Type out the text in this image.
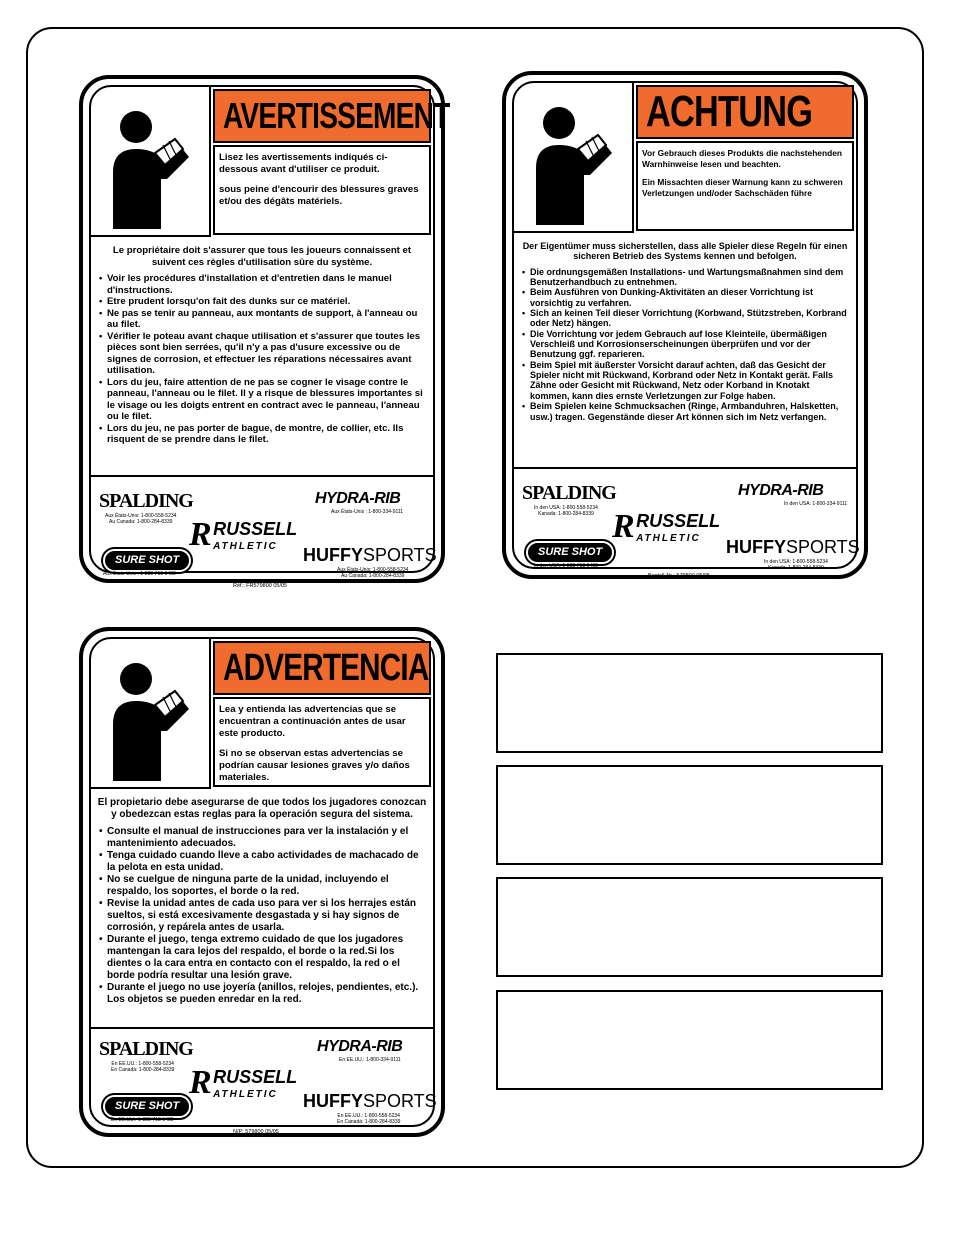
AVERTISSEMENT

Lisez les avertissements indiqués ci-dessous avant d'utiliser ce produit.

sous peine d'encourir des blessures graves et/ou des dégâts matériels.

Le propriétaire doit s'assurer que tous les joueurs connaissent et suivent ces règles d'utilisation sûre du système.
• Voir les procédures d'installation et d'entretien dans le manuel d'instructions.
• Etre prudent lorsqu'on fait des dunks sur ce matériel.
• Ne pas se tenir au panneau, aux montants de support, à l'anneau ou au filet.
• Vérifier le poteau avant chaque utilisation et s'assurer que toutes les pièces sont bien serrées, qu'il n'y a pas d'usure excessive ou de signes de corrosion, et effectuer les réparations nécessaires avant utilisation.
• Lors du jeu, faire attention de ne pas se cogner le visage contre le panneau, l'anneau ou le filet. Il y a risque de blessures importantes si le visage ou les doigts entrent en contract avec le panneau, l'anneau ou le filet.
• Lors du jeu, ne pas porter de bague, de montre, de collier, etc. Ils risquent de se prendre dans le filet.
SPALDING
Aux États-Unis: 1-800-558-5234
Au Canada: 1-800-284-8339
HYDRA-RIB
Aux États-Unis : 1-800-334-9111
R RUSSELL
ATHLETIC
SURE SHOT
Aux États-Unis : 1-888-713-5488
HUFFYSPORTS
Aux États-Unis: 1-800-558-5234
Au Canada: 1-800-284-8339
Réf.: FR579800 05/05
ACHTUNG

Vor Gebrauch dieses Produkts die nachstehenden Warnhinweise lesen und beachten.

Ein Missachten dieser Warnung kann zu schweren Verletzungen und/oder Sachschäden führe

Der Eigentümer muss sicherstellen, dass alle Spieler diese Regeln für einen sicheren Betrieb des Systems kennen und befolgen.
• Die ordnungsgemäßen Installations- und Wartungsmaßnahmen sind dem Benutzerhandbuch zu entnehmen.
• Beim Ausführen von Dunking-Aktivitäten an dieser Vorrichtung ist vorsichtig zu verfahren.
• Sich an keinen Teil dieser Vorrichtung (Korbwand, Stützstreben, Korbrand oder Netz) hängen.
• Die Vorrichtung vor jedem Gebrauch auf lose Kleinteile, übermäßigen Verschleiß und Korrosionserscheinungen überprüfen und vor der Benutzung ggf. reparieren.
• Beim Spiel mit äußerster Vorsicht darauf achten, daß das Gesicht der Spieler nicht mit Rückwand, Korbrand oder Netz in Kontakt gerät. Falls Zähne oder Gesicht mit Rückwand, Netz oder Korband in Knotakt kommen, kann dies ernste Verletzungen zur Folge haben.
• Beim Spielen keine Schmucksachen (Ringe, Armbanduhren, Halsketten, usw.) tragen. Gegenstände dieser Art können sich im Netz verfangen.
SPALDING
In den USA: 1-800-558-5234
Kanada: 1-800-284-8339
HYDRA-RIB
In den USA: 1-800-334-9111
R RUSSELL
ATHLETIC
SURE SHOT
In den USA: 1-888-713-5488
HUFFYSPORTS
In den USA: 1-800-558-5234
Kanada: 1-800-284-8339
Bestell-Nr.: 579800 05/05
ADVERTENCIA

Lea y entienda las advertencias que se encuentran a continuación antes de usar este producto.

Si no se observan estas advertencias se podrían causar lesiones graves y/o daños materiales.

El propietario debe asegurarse de que todos los jugadores conozcan y obedezcan estas reglas para la operación segura del sistema.
• Consulte el manual de instrucciones para ver la instalación y el mantenimiento adecuados.
• Tenga cuidado cuando lleve a cabo actividades de machacado de la pelota en esta unidad.
• No se cuelgue de ninguna parte de la unidad, incluyendo el respaldo, los soportes, el borde o la red.
• Revise la unidad antes de cada uso para ver si los herrajes están sueltos, si está excesivamente desgastada y si hay signos de corrosión, y repárela antes de usarla.
• Durante el juego, tenga extremo cuidado de que los jugadores mantengan la cara lejos del respaldo, el borde o la red.Si los dientes o la cara entra en contacto con el respaldo, la red o el borde podría resultar una lesión grave.
• Durante el juego no use joyería (anillos, relojes, pendientes, etc.). Los objetos se pueden enredar en la red.
SPALDING
En EE.UU.: 1-800-558-5234
En Canadá: 1-800-284-8339
HYDRA-RIB
En EE.UU.: 1-800-334-9111
R RUSSELL
ATHLETIC
SURE SHOT
En EE.UU.: 1-888-713-5488
HUFFYSPORTS
En EE.UU.: 1-800-558-5234
En Canadá: 1-800-284-8339
N/P: 579800 05/05
